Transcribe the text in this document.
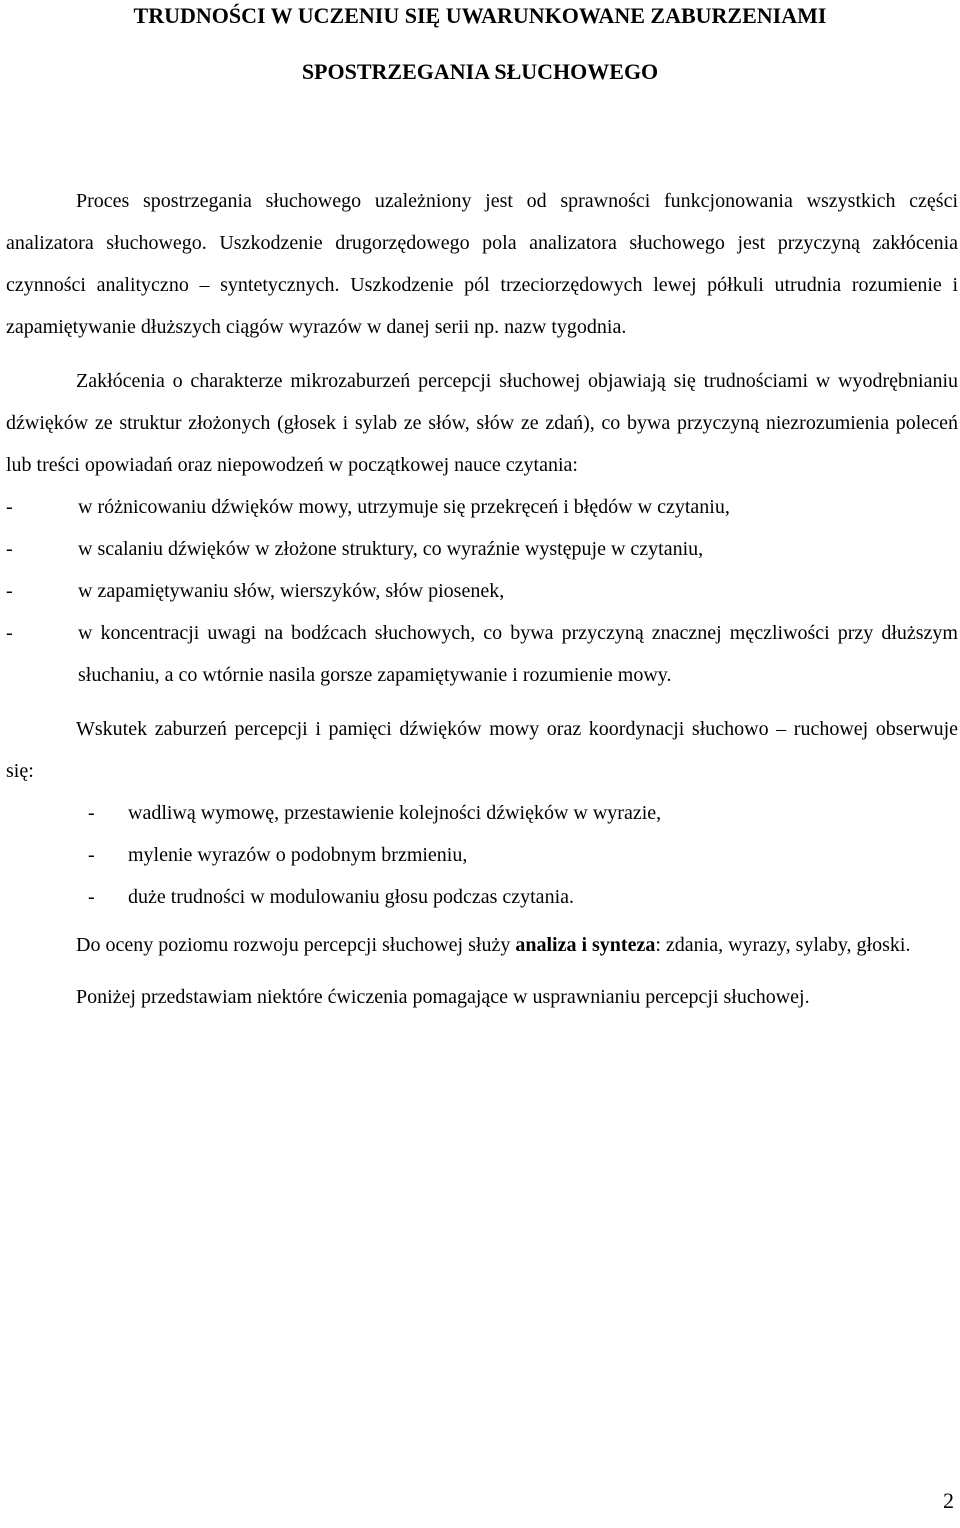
TRUDNOŚCI W UCZENIU SIĘ UWARUNKOWANE ZABURZENIAMI
SPOSTRZEGANIA SŁUCHOWEGO

Proces spostrzegania słuchowego uzależniony jest od sprawności funkcjonowania wszystkich części analizatora słuchowego. Uszkodzenie drugorzędowego pola analizatora słuchowego jest przyczyną zakłócenia czynności analityczno – syntetycznych. Uszkodzenie pól trzeciorzędowych lewej półkuli utrudnia rozumienie i zapamiętywanie dłuższych ciągów wyrazów w danej serii np. nazw tygodnia.

Zakłócenia o charakterze mikrozaburzeń percepcji słuchowej objawiają się trudnościami w wyodrębnianiu dźwięków ze struktur złożonych (głosek i sylab ze słów, słów ze zdań), co bywa przyczyną niezrozumienia poleceń lub treści opowiadań oraz niepowodzeń w początkowej nauce czytania:

-	w różnicowaniu dźwięków mowy, utrzymuje się przekręceń i błędów w czytaniu,
-	w scalaniu dźwięków w złożone struktury, co wyraźnie występuje w czytaniu,
-	w zapamiętywaniu słów, wierszyków, słów piosenek,
-	w koncentracji uwagi na bodźcach słuchowych, co bywa przyczyną znacznej męczliwości przy dłuższym słuchaniu, a co wtórnie nasila gorsze zapamiętywanie i rozumienie mowy.

Wskutek zaburzeń percepcji i pamięci dźwięków mowy oraz koordynacji słuchowo – ruchowej obserwuje się:

- wadliwą wymowę, przestawienie kolejności dźwięków w wyrazie,
- mylenie wyrazów o podobnym brzmieniu,
- duże trudności w modulowaniu głosu podczas czytania.

Do oceny poziomu rozwoju percepcji słuchowej służy analiza i synteza: zdania, wyrazy, sylaby, głoski.

Poniżej przedstawiam niektóre ćwiczenia pomagające w usprawnianiu percepcji słuchowej.

2
